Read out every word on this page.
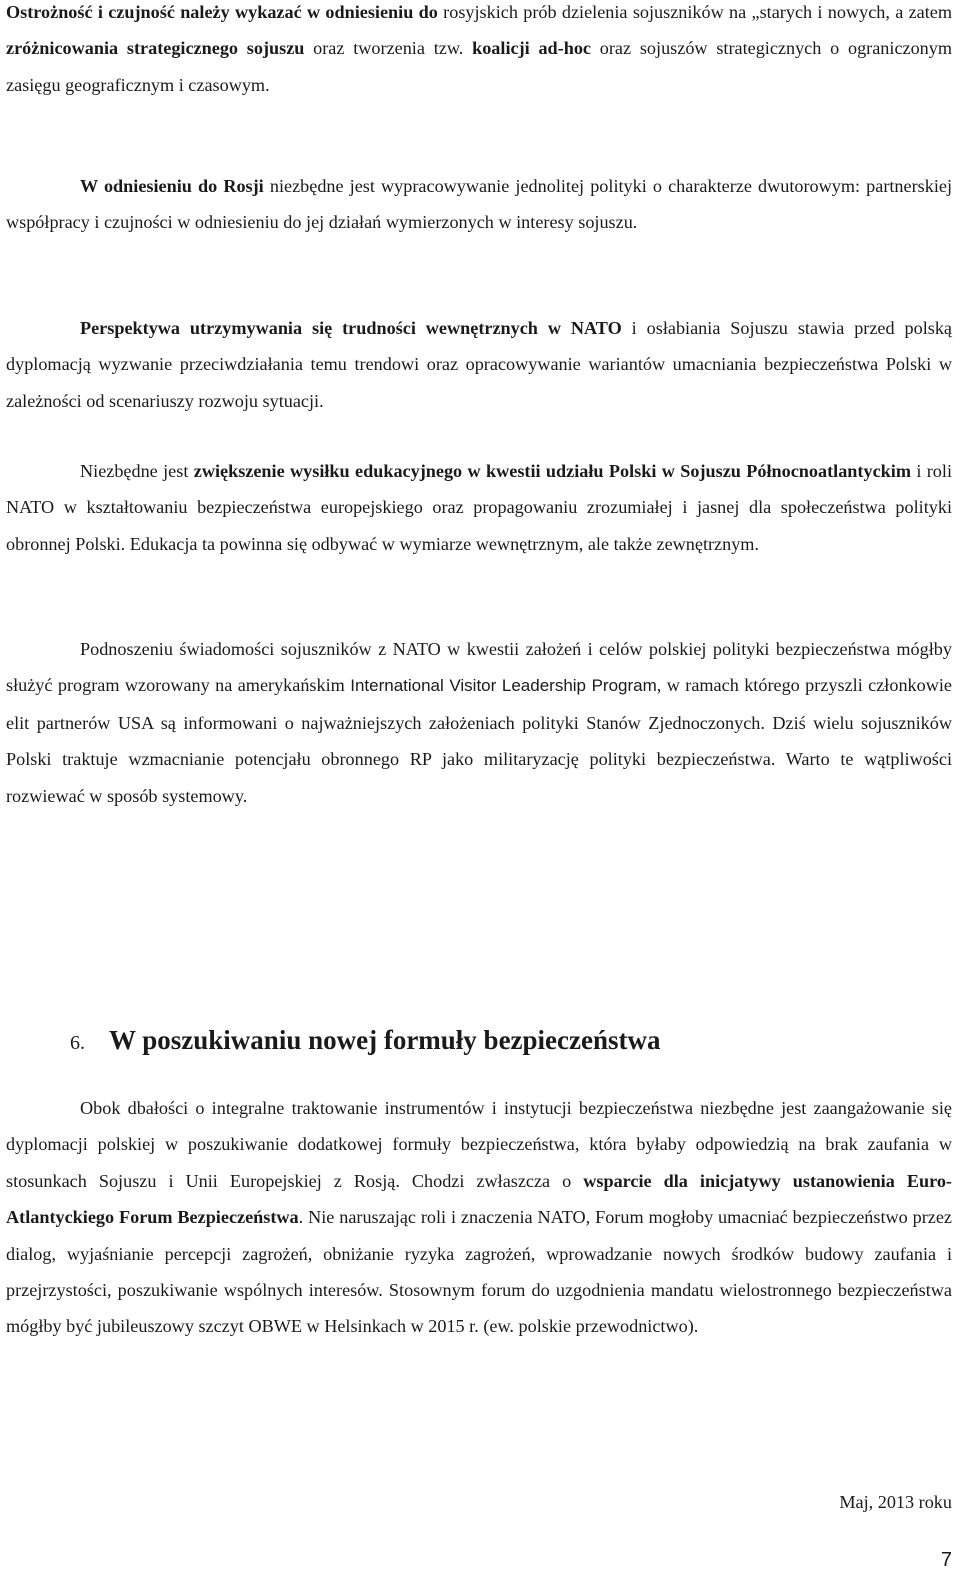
Ostrożność i czujność należy wykazać w odniesieniu do rosyjskich prób dzielenia sojuszników na „starych i nowych, a zatem zróżnicowania strategicznego sojuszu oraz tworzenia tzw. koalicji ad-hoc oraz sojuszów strategicznych o ograniczonym zasięgu geograficznym i czasowym.

W odniesieniu do Rosji niezbędne jest wypracowywanie jednolitej polityki o charakterze dwutorowym: partnerskiej współpracy i czujności w odniesieniu do jej działań wymierzonych w interesy sojuszu.

Perspektywa utrzymywania się trudności wewnętrznych w NATO i osłabiania Sojuszu stawia przed polską dyplomacją wyzwanie przeciwdziałania temu trendowi oraz opracowywanie wariantów umacniania bezpieczeństwa Polski w zależności od scenariuszy rozwoju sytuacji.

Niezbędne jest zwiększenie wysiłku edukacyjnego w kwestii udziału Polski w Sojuszu Północnoatlantyckim i roli NATO w kształtowaniu bezpieczeństwa europejskiego oraz propagowaniu zrozumiałej i jasnej dla społeczeństwa polityki obronnej Polski. Edukacja ta powinna się odbywać w wymiarze wewnętrznym, ale także zewnętrznym.

Podnoszeniu świadomości sojuszników z NATO w kwestii założeń i celów polskiej polityki bezpieczeństwa mógłby służyć program wzorowany na amerykańskim International Visitor Leadership Program, w ramach którego przyszli członkowie elit partnerów USA są informowani o najważniejszych założeniach polityki Stanów Zjednoczonych. Dziś wielu sojuszników Polski traktuje wzmacnianie potencjału obronnego RP jako militaryzację polityki bezpieczeństwa. Warto te wątpliwości rozwiewać w sposób systemowy.

6. W poszukiwaniu nowej formuły bezpieczeństwa

Obok dbałości o integralne traktowanie instrumentów i instytucji bezpieczeństwa niezbędne jest zaangażowanie się dyplomacji polskiej w poszukiwanie dodatkowej formuły bezpieczeństwa, która byłaby odpowiedzią na brak zaufania w stosunkach Sojuszu i Unii Europejskiej z Rosją. Chodzi zwłaszcza o wsparcie dla inicjatywy ustanowienia Euro-Atlantyckiego Forum Bezpieczeństwa. Nie naruszając roli i znaczenia NATO, Forum mogłoby umacniać bezpieczeństwo przez dialog, wyjaśnianie percepcji zagrożeń, obniżanie ryzyka zagrożeń, wprowadzanie nowych środków budowy zaufania i przejrzystości, poszukiwanie wspólnych interesów. Stosownym forum do uzgodnienia mandatu wielostronnego bezpieczeństwa mógłby być jubileuszowy szczyt OBWE w Helsinkach w 2015 r. (ew. polskie przewodnictwo).

Maj, 2013 roku

7
